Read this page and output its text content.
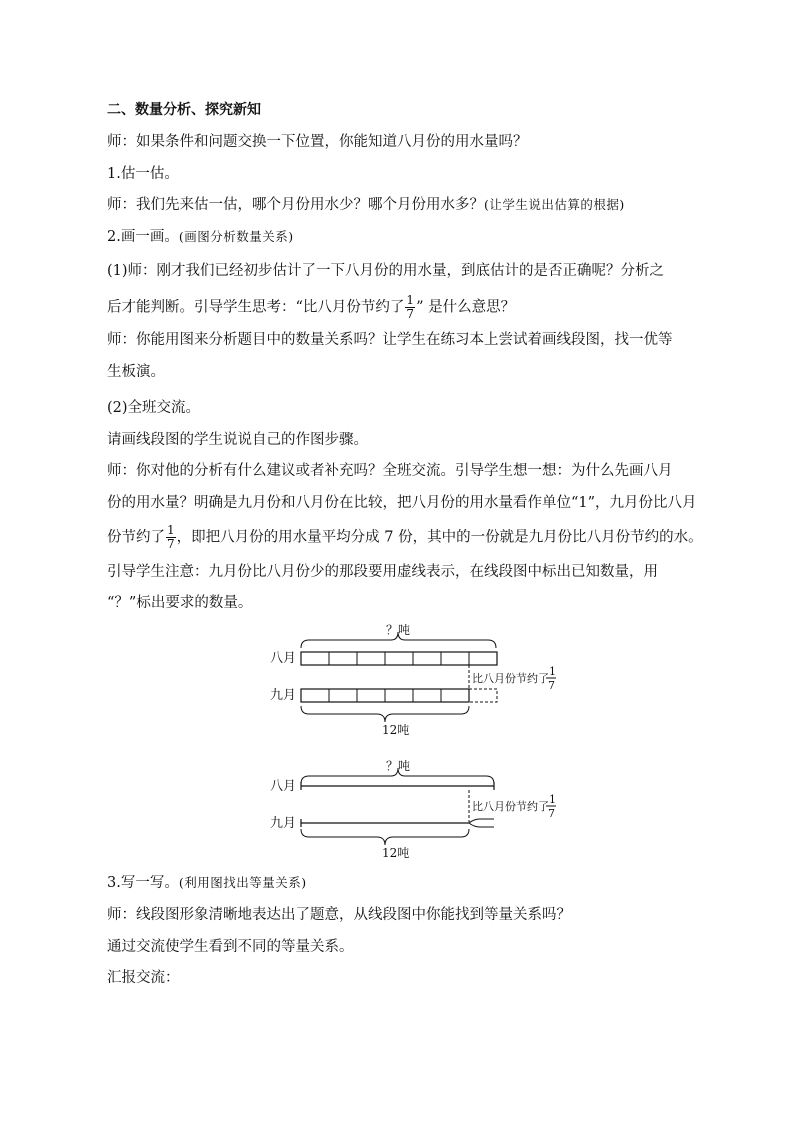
二、数量分析、探究新知
师：如果条件和问题交换一下位置，你能知道八月份的用水量吗？
1.估一估。
师：我们先来估一估，哪个月份用水少？哪个月份用水多？(让学生说出估算的根据)
2.画一画。(画图分析数量关系)
(1)师：刚才我们已经初步估计了一下八月份的用水量，到底估计的是否正确呢？分析之
后才能判断。引导学生思考：“比八月份节约了 $\frac{1}{7}$ ” 是什么意思？
师：你能用图来分析题目中的数量关系吗？让学生在练习本上尝试着画线段图，找一优等
生板演。
(2)全班交流。
请画线段图的学生说说自己的作图步骤。
师：你对他的分析有什么建议或者补充吗？全班交流。引导学生想一想：为什么先画八月
份的用水量？明确是九月份和八月份在比较，把八月份的用水量看作单位“1”，九月份比八月
份节约了 $\frac{1}{7}$ ，即把八月份的用水量平均分成 7 份，其中的一份就是九月份比八月份节约的水。
引导学生注意：九月份比八月份少的那段要用虚线表示，在线段图中标出已知数量，用
“？”标出要求的数量。
？吨
八月
九月
比八月份节约了
1
7
12吨
？吨
八月
比八月份节约了
1
7
九月
12吨
3.写一写。(利用图找出等量关系)
师：线段图形象清晰地表达出了题意，从线段图中你能找到等量关系吗？
通过交流使学生看到不同的等量关系。
汇报交流：
